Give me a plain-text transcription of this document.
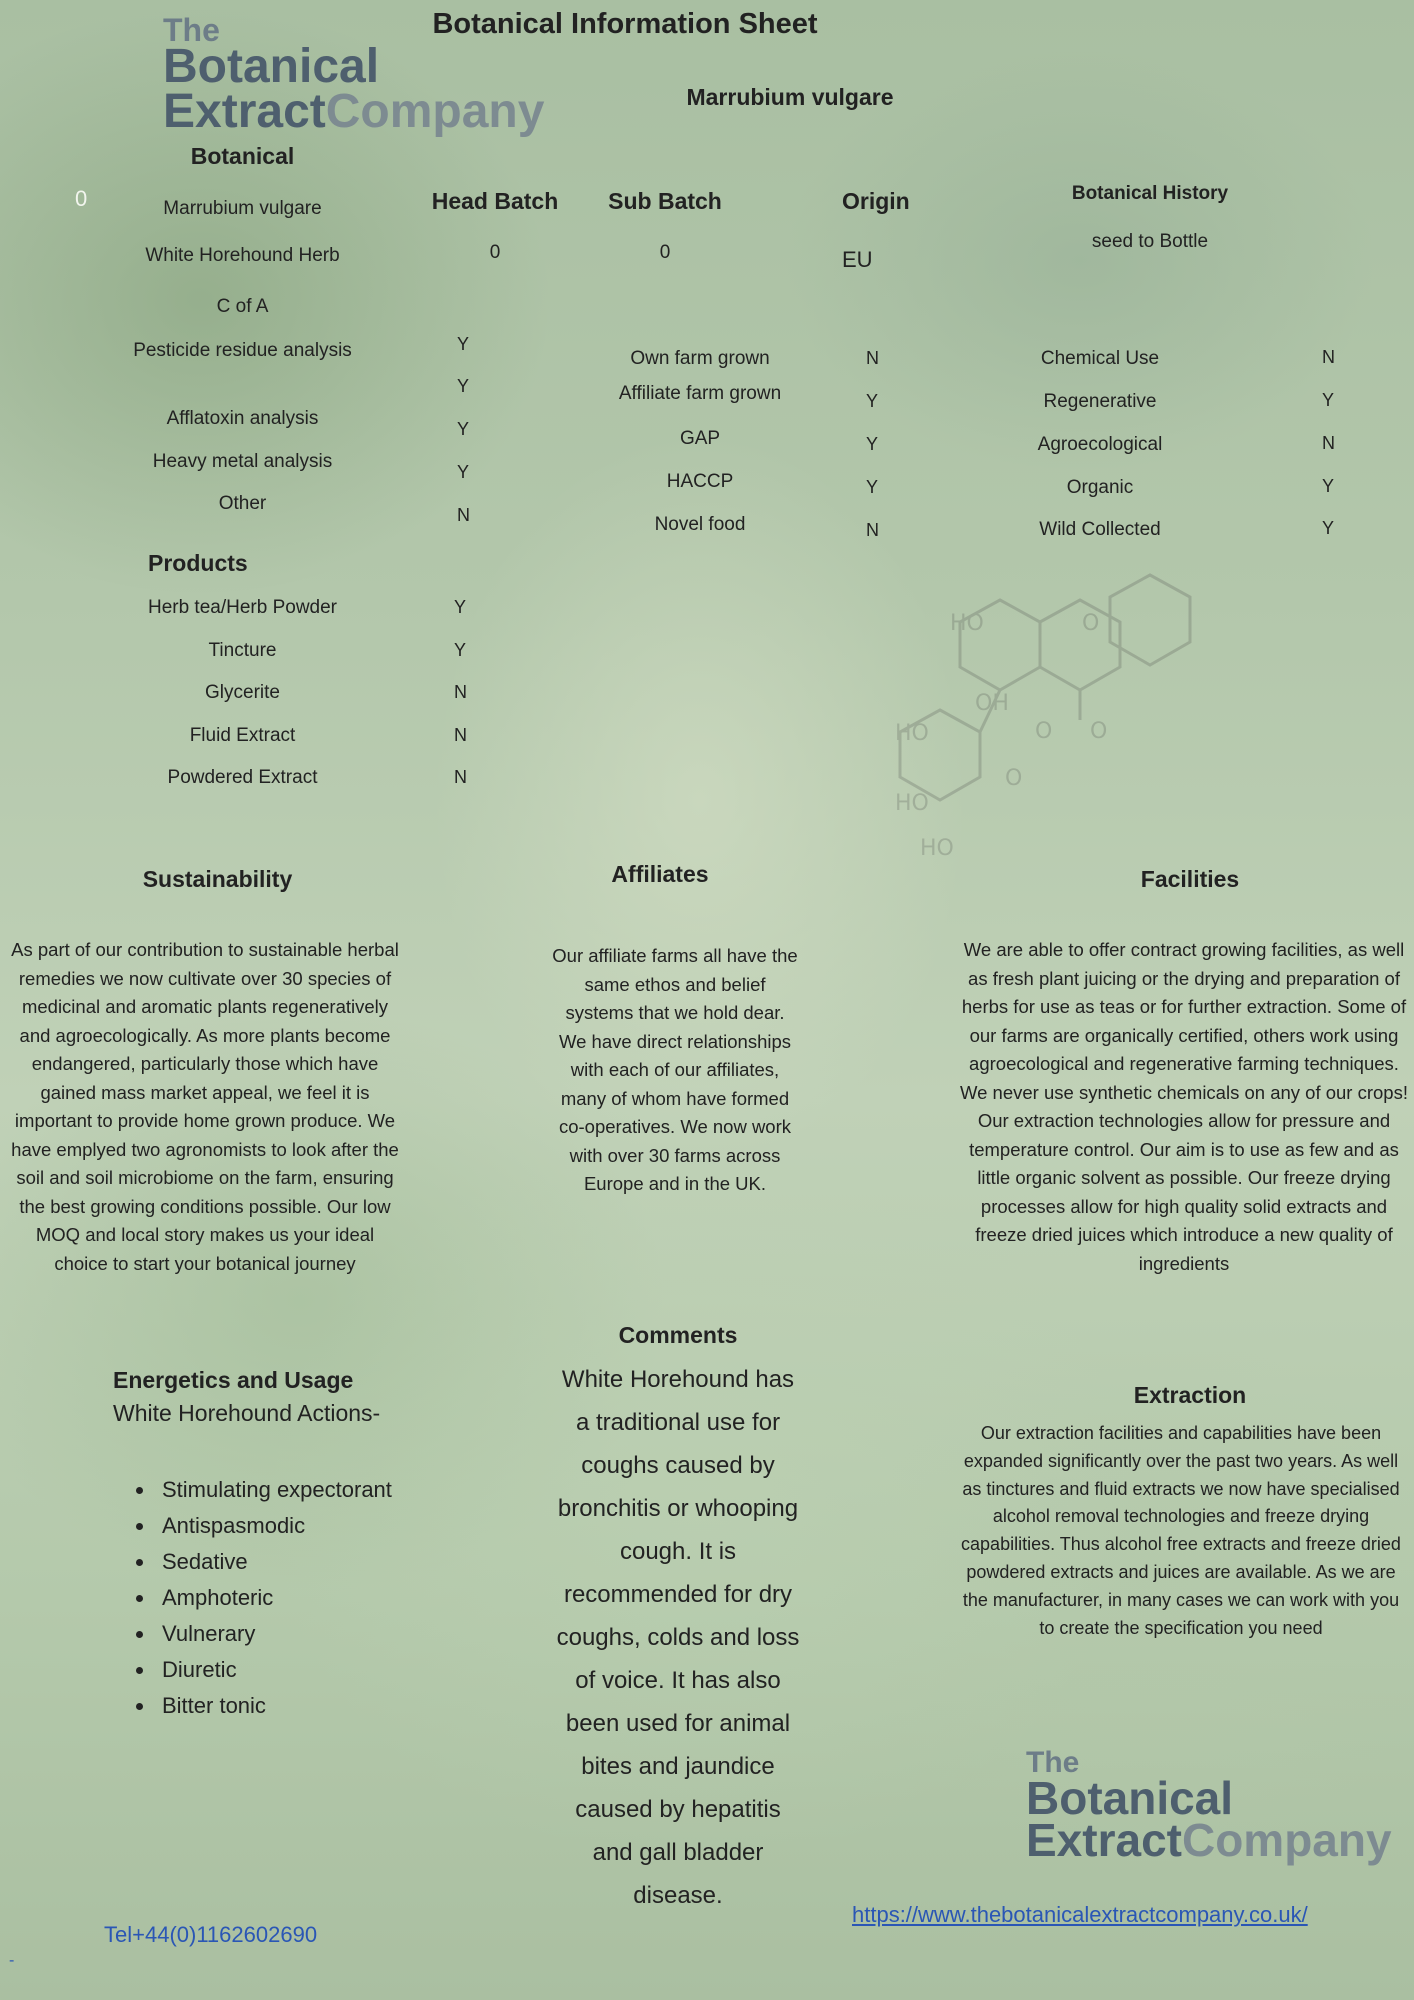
The
Botanical
ExtractCompany
Botanical Information Sheet
Marrubium vulgare
Botanical
0	Marrubium vulgare
White Horehound Herb
C of A
Pesticide residue analysis
Afflatoxin analysis
Heavy metal analysis
Other
Y
Y
Y
Y
N
Head Batch
0
Sub Batch
0
Origin
EU
Botanical History
seed to Bottle
Own farm grown
Affiliate farm grown
GAP
HACCP
Novel food
N
Y
Y
Y
N
Chemical Use
Regenerative
Agroecological
Organic
Wild Collected
N
Y
N
Y
Y
Products
Herb tea/Herb Powder
Tincture
Glycerite
Fluid Extract
Powdered Extract
Y
Y
N
N
N
HO	O
OH
O O
HO
HO
O
HO
Sustainability
As part of our contribution to sustainable herbal remedies we now cultivate over 30 species of medicinal and aromatic plants regeneratively and agroecologically. As more plants become endangered, particularly those which have gained mass market appeal, we feel it is important to provide home grown produce. We have emplyed two agronomists to look after the soil and soil microbiome on the farm, ensuring the best growing conditions possible. Our low MOQ and local story makes us your ideal choice to start your botanical journey
Affiliates
Our affiliate farms all have the same ethos and belief systems that we hold dear. We have direct relationships with each of our affiliates, many of whom have formed co-operatives. We now work with over 30 farms across Europe and in the UK.
Facilities
We are able to offer contract growing facilities, as well as fresh plant juicing or the drying and preparation of herbs for use as teas or for further extraction. Some of our farms are organically certified, others work using agroecological and regenerative farming techniques. We never use synthetic chemicals on any of our crops! Our extraction technologies allow for pressure and temperature control. Our aim is to use as few and as little organic solvent as possible. Our freeze drying processes allow for high quality solid extracts and freeze dried juices which introduce a new quality of ingredients
Energetics and Usage
White Horehound Actions-
• Stimulating expectorant
• Antispasmodic
• Sedative
• Amphoteric
• Vulnerary
• Diuretic
• Bitter tonic
Comments
White Horehound has a traditional use for coughs caused by bronchitis or whooping cough. It is recommended for dry coughs, colds and loss of voice. It has also been used for animal bites and jaundice caused by hepatitis and gall bladder disease.
Extraction
Our extraction facilities and capabilities have been expanded significantly over the past two years. As well as tinctures and fluid extracts we now have specialised alcohol removal technologies and freeze drying capabilities. Thus alcohol free extracts and freeze dried powdered extracts and juices are available. As we are the manufacturer, in many cases we can work with you to create the specification you need
The
Botanical
ExtractCompany
https://www.thebotanicalextractcompany.co.uk/
Tel+44(0)1162602690
-
